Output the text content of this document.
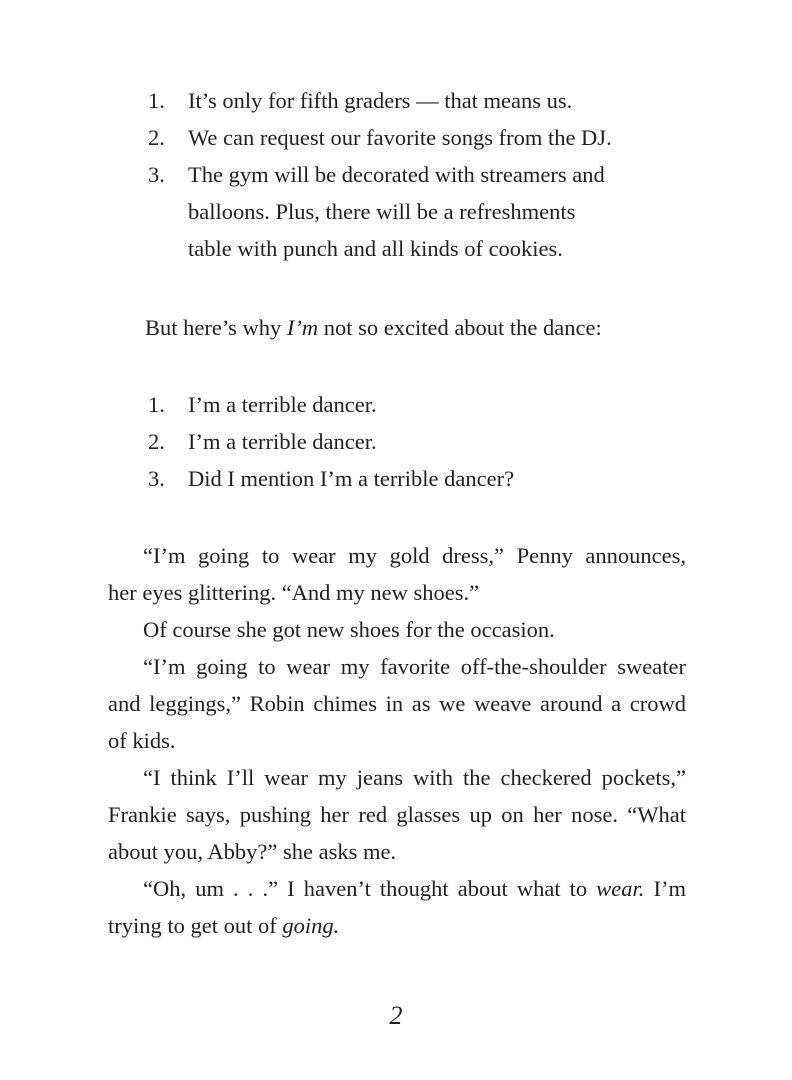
1.	It’s only for fifth graders — that means us.
2.	We can request our favorite songs from the DJ.
3.	The gym will be decorated with streamers and
balloons. Plus, there will be a refreshments
table with punch and all kinds of cookies.
But here’s why I’m not so excited about the dance:
1.	I’m a terrible dancer.
2.	I’m a terrible dancer.
3.	Did I mention I’m a terrible dancer?

“I’m going to wear my gold dress,” Penny announces,
her eyes glittering. “And my new shoes.”

Of course she got new shoes for the occasion.

“I’m going to wear my favorite off-the-shoulder sweater
and leggings,” Robin chimes in as we weave around a crowd
of kids.

“I think I’ll wear my jeans with the checkered pockets,”
Frankie says, pushing her red glasses up on her nose. “What
about you, Abby?” she asks me.

“Oh, um . . .” I haven’t thought about what to wear. I’m
trying to get out of going.

2
